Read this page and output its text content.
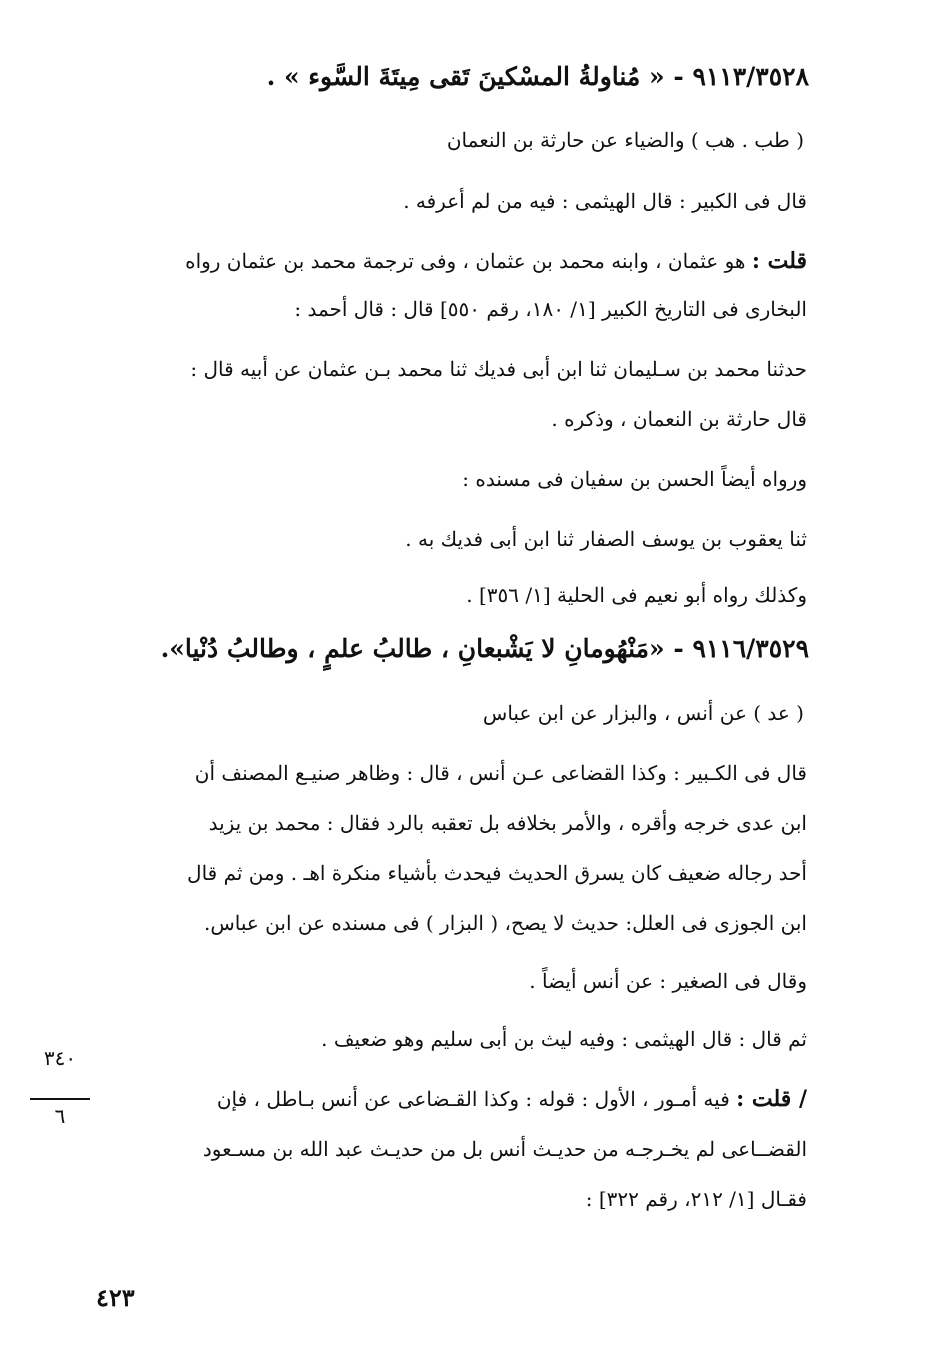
٩١١٣/٣٥٢٨ - « مُناولةُ المسْكينَ تَقى مِيتَةَ السَّوء » .
( طب . هب ) والضياء عن حارثة بن النعمان
قال فى الكبير : قال الهيثمى : فيه من لم أعرفه .
قلت : هو عثمان ، وابنه محمد بن عثمان ، وفى ترجمة محمد بن عثمان رواه
البخارى فى التاريخ الكبير [١/ ١٨٠، رقم ٥٥٠] قال : قال أحمد :
حدثنا محمد بن سـليمان ثنا ابن أبى فديك ثنا محمد بـن عثمان عن أبيه قال :
قال حارثة بن النعمان ، وذكره .
ورواه أيضاً الحسن بن سفيان فى مسنده :
ثنا يعقوب بن يوسف الصفار ثنا ابن أبى فديك به .
وكذلك رواه أبو نعيم فى الحلية [١/ ٣٥٦] .
٩١١٦/٣٥٢٩ - «مَنْهُومانِ لا يَشْبعانِ ، طالبُ علمٍ ، وطالبُ دُنْيا».
( عد ) عن أنس ، والبزار عن ابن عباس
قال فى الكـبير : وكذا القضاعى عـن أنس ، قال : وظاهر صنيـع المصنف أن
ابن عدى خرجه وأقره ، والأمر بخلافه بل تعقبه بالرد فقال : محمد بن يزيد
أحد رجاله ضعيف كان يسرق الحديث فيحدث بأشياء منكرة اهـ . ومن ثم قال
ابن الجوزى فى العلل: حديث لا يصح، ( البزار ) فى مسنده عن ابن عباس.
وقال فى الصغير : عن أنس أيضاً .
ثم قال : قال الهيثمى : وفيه ليث بن أبى سليم وهو ضعيف .
/ قلت : فيه أمـور ، الأول : قوله : وكذا القـضاعى عن أنس بـاطل ، فإن
القضــاعى لم يخـرجـه من حديـث أنس بل من حديـث عبد الله بن مسـعود
فقـال [١/ ٢١٢، رقم ٣٢٢] :
٣٤٠
٦
٤٢٣
